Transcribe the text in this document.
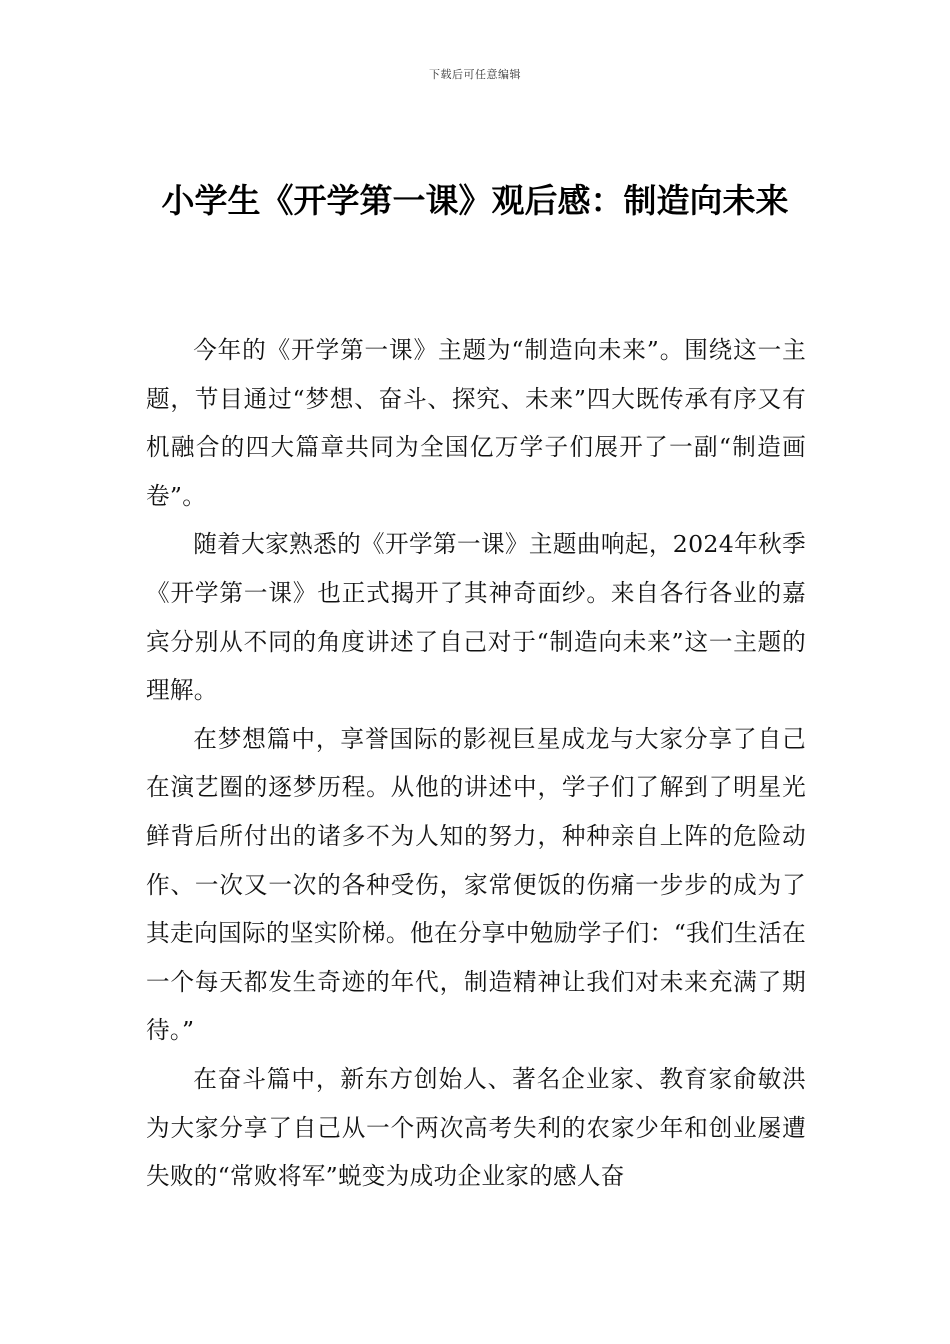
下载后可任意编辑
小学生《开学第一课》观后感：制造向未来

今年的《开学第一课》主题为“制造向未来”。围绕这一主题，节目通过“梦想、奋斗、探究、未来”四大既传承有序又有机融合的四大篇章共同为全国亿万学子们展开了一副“制造画卷”。

随着大家熟悉的《开学第一课》主题曲响起，2024年秋季《开学第一课》也正式揭开了其神奇面纱。来自各行各业的嘉宾分别从不同的角度讲述了自己对于“制造向未来”这一主题的理解。

在梦想篇中，享誉国际的影视巨星成龙与大家分享了自己在演艺圈的逐梦历程。从他的讲述中，学子们了解到了明星光鲜背后所付出的诸多不为人知的努力，种种亲自上阵的危险动作、一次又一次的各种受伤，家常便饭的伤痛一步步的成为了其走向国际的坚实阶梯。他在分享中勉励学子们：“我们生活在一个每天都发生奇迹的年代，制造精神让我们对未来充满了期待。”

在奋斗篇中，新东方创始人、著名企业家、教育家俞敏洪为大家分享了自己从一个两次高考失利的农家少年和创业屡遭失败的“常败将军”蜕变为成功企业家的感人奋
